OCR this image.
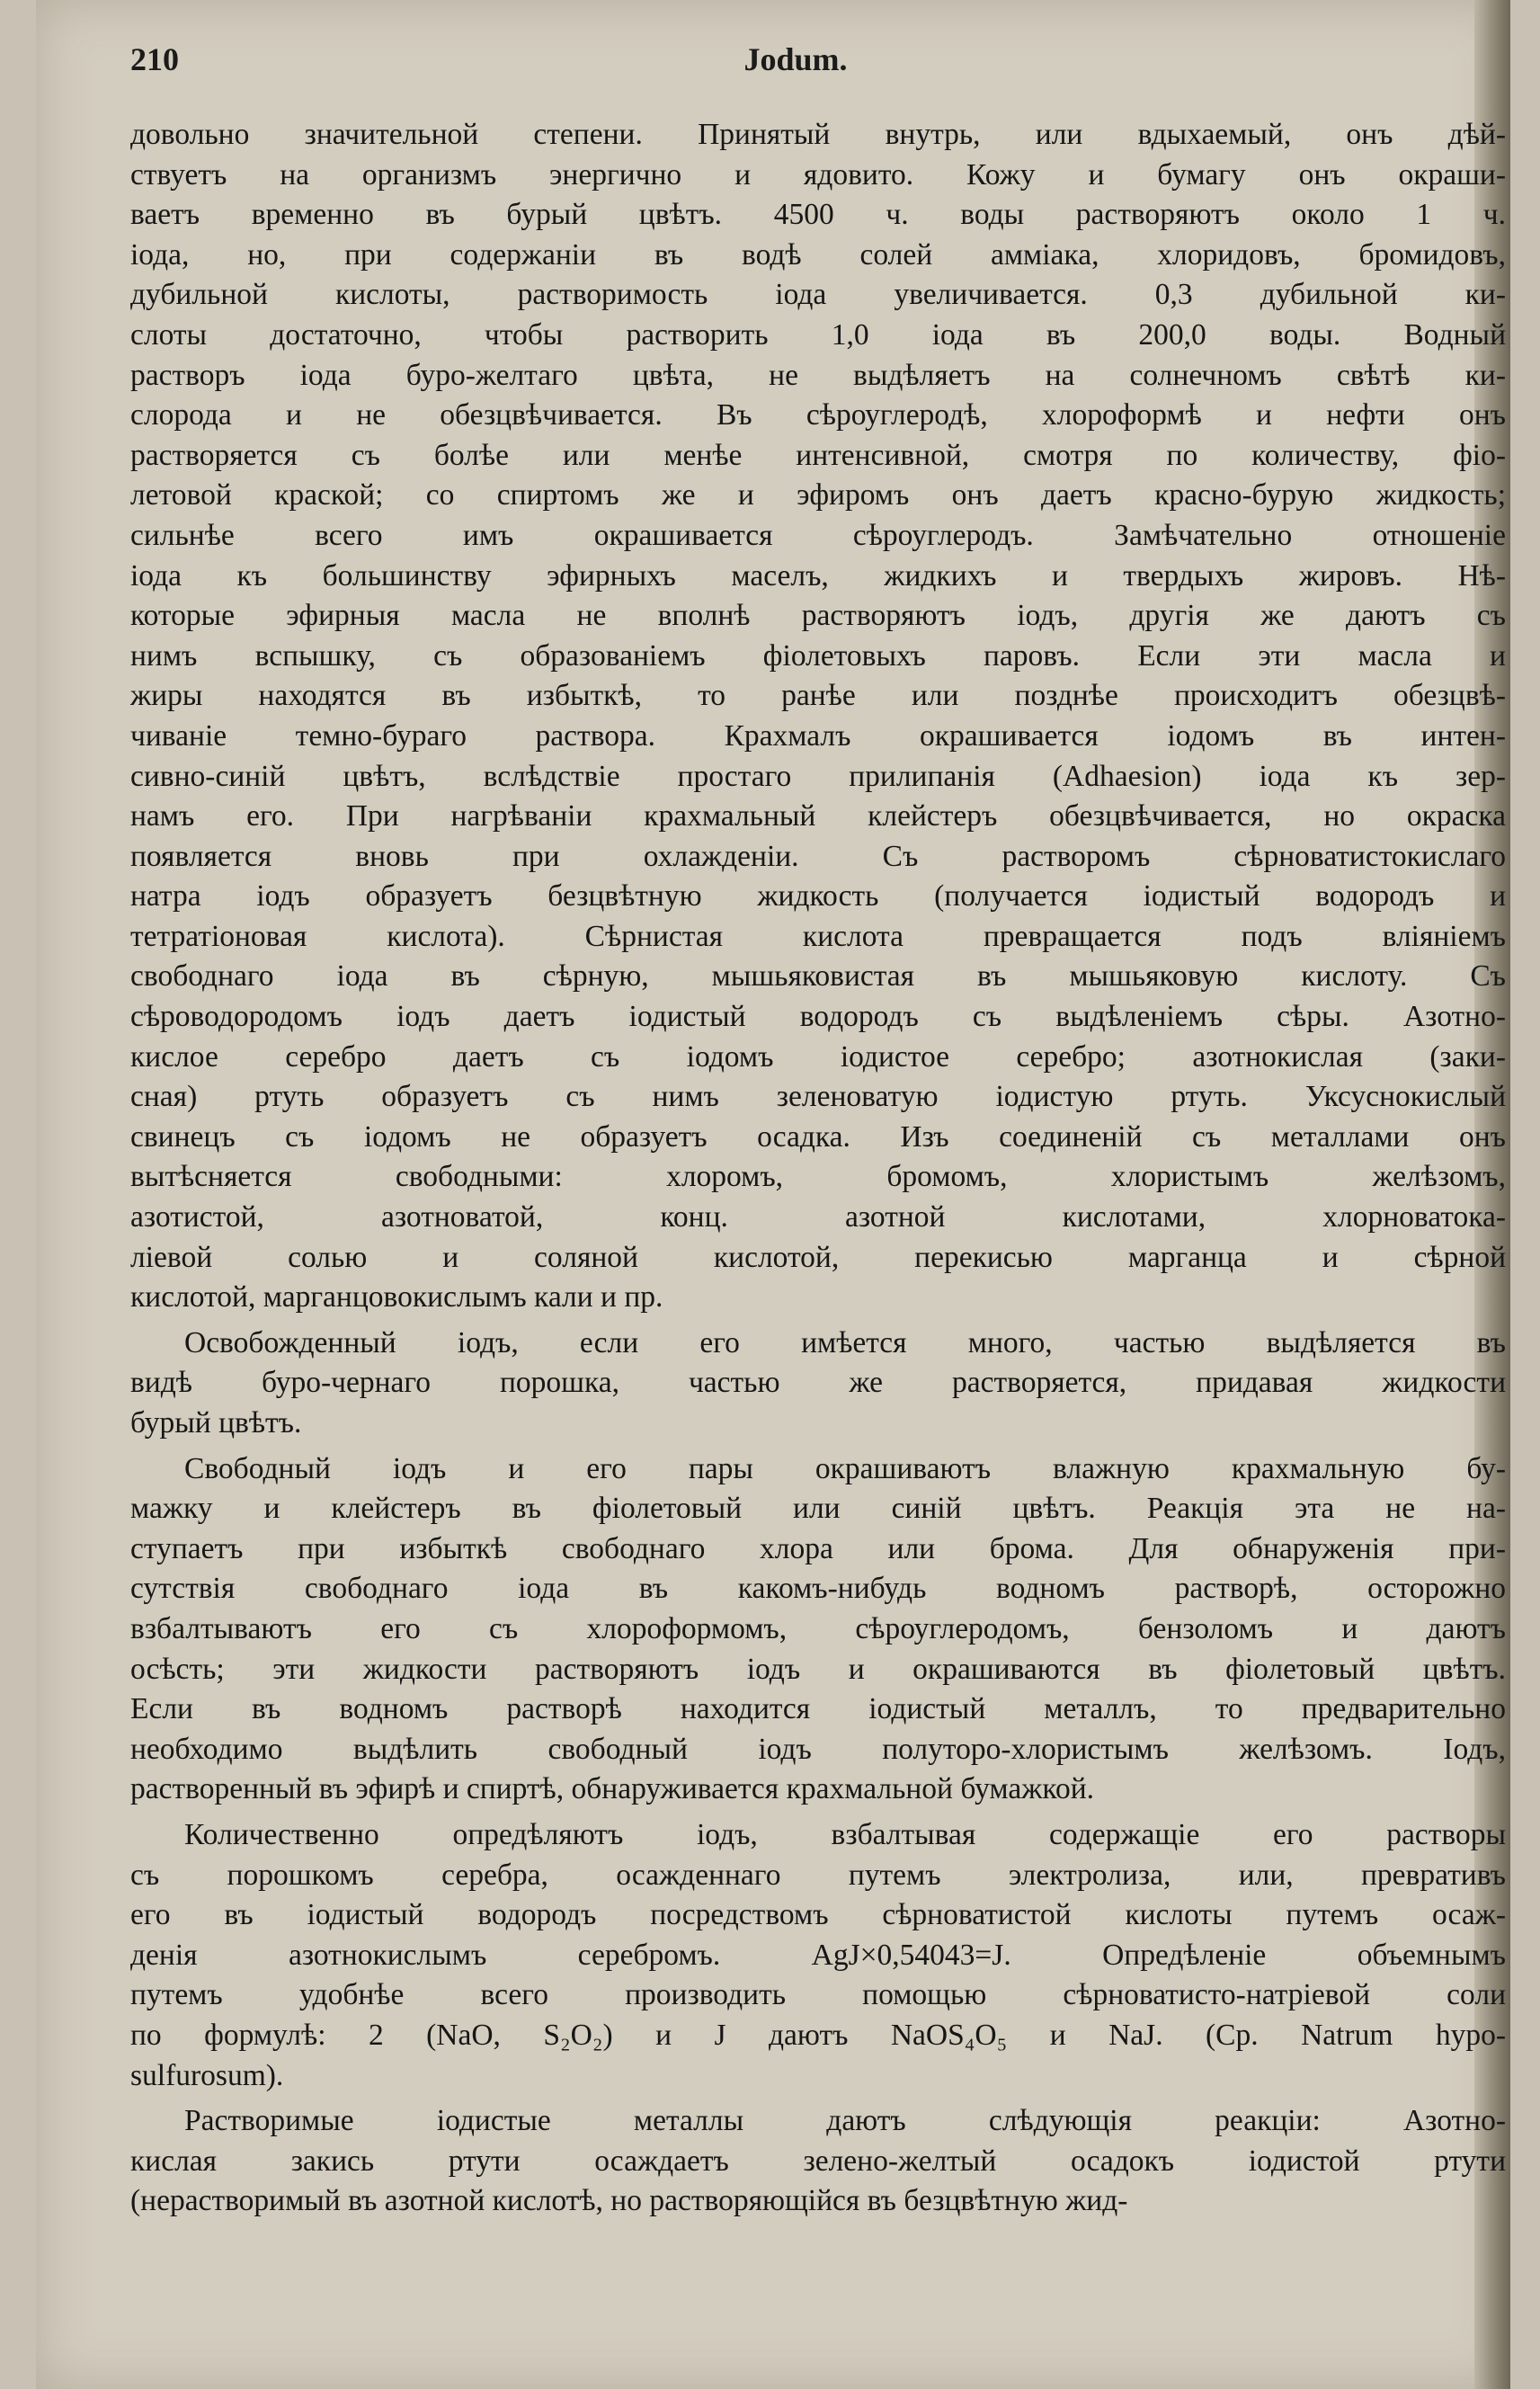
210	Jodum.
довольно значительной степени. Принятый внутрь, или вдыхаемый, онъ дѣй-
ствуетъ на организмъ энергично и ядовито. Кожу и бумагу онъ окраши-
ваетъ временно въ бурый цвѣтъ. 4500 ч. воды растворяютъ около 1 ч.
іода, но, при содержаніи въ водѣ солей аммiака, хлоридовъ, бромидовъ,
дубильной кислоты, растворимость іода увеличивается. 0,3 дубильной ки-
слоты достаточно, чтобы растворить 1,0 іода въ 200,0 воды. Водный
растворъ іода буро-желтаго цвѣта, не выдѣляетъ на солнечномъ свѣтѣ ки-
слорода и не обезцвѣчивается. Въ сѣроуглеродѣ, хлороформѣ и нефти онъ
растворяется съ болѣе или менѣе интенсивной, смотря по количеству, фіо-
летовой краской; со спиртомъ же и эфиромъ онъ даетъ красно-бурую жидкость;
сильнѣе всего имъ окрашивается сѣроуглеродъ. Замѣчательно отношеніе
іода къ большинству эфирныхъ маселъ, жидкихъ и твердыхъ жировъ. Нѣ-
которые эфирныя масла не вполнѣ растворяютъ іодъ, другія же даютъ съ
нимъ вспышку, съ образованіемъ фіолетовыхъ паровъ. Если эти масла и
жиры находятся въ избыткѣ, то ранѣе или позднѣе происходитъ обезцвѣ-
чиваніе темно-бураго раствора. Крахмалъ окрашивается іодомъ въ интен-
сивно-синій цвѣтъ, вслѣдствіе простаго прилипанія (Adhaesion) іода къ зер-
намъ его. При нагрѣваніи крахмальный клейстеръ обезцвѣчивается, но окраска
появляется вновь при охлажденіи. Съ растворомъ сѣрноватистокислаго
натра іодъ образуетъ безцвѣтную жидкость (получается іодистый водородъ и
тетратіоновая кислота). Сѣрнистая кислота превращается подъ вліяніемъ
свободнаго іода въ сѣрную, мышьяковистая въ мышьяковую кислоту. Съ
сѣроводородомъ іодъ даетъ іодистый водородъ съ выдѣленіемъ сѣры. Азотно-
кислое серебро даетъ съ іодомъ іодистое серебро; азотнокислая (заки-
сная) ртуть образуетъ съ нимъ зеленоватую іодистую ртуть. Уксуснокислый
свинецъ съ іодомъ не образуетъ осадка. Изъ соединеній съ металлами онъ
вытѣсняется свободными: хлоромъ, бромомъ, хлористымъ желѣзомъ,
азотистой, азотноватой, конц. азотной кислотами, хлорноватока-
ліевой солью и соляной кислотой, перекисью марганца и сѣрной
кислотой, марганцовокислымъ кали и пр.
Освобожденный іодъ, если его имѣется много, частью выдѣляется въ
видѣ буро-чернаго порошка, частью же растворяется, придавая жидкости
бурый цвѣтъ.
Свободный іодъ и его пары окрашиваютъ влажную крахмальную бу-
мажку и клейстеръ въ фіолетовый или синій цвѣтъ. Реакція эта не на-
ступаетъ при избыткѣ свободнаго хлора или брома. Для обнаруженія при-
сутствія свободнаго іода въ какомъ-нибудь водномъ растворѣ, осторожно
взбалтываютъ его съ хлороформомъ, сѣроуглеродомъ, бензоломъ и даютъ
осѣсть; эти жидкости растворяютъ іодъ и окрашиваются въ фіолетовый цвѣтъ.
Если въ водномъ растворѣ находится іодистый металлъ, то предварительно
необходимо выдѣлить свободный іодъ полуторо-хлористымъ желѣзомъ. Іодъ,
растворенный въ эфирѣ и спиртѣ, обнаруживается крахмальной бумажкой.
Количественно опредѣляютъ іодъ, взбалтывая содержащіе его растворы
съ порошкомъ серебра, осажденнаго путемъ электролиза, или, превративъ
его въ іодистый водородъ посредствомъ сѣрноватистой кислоты путемъ осаж-
денія азотнокислымъ серебромъ. AgJ×0,54043=J. Опредѣленіе объемнымъ
путемъ удобнѣе всего производить помощью сѣрноватисто-натріевой соли
по формулѣ: 2 (NaO, S₂O₂) и J даютъ NaOS₄O₅ и NaJ. (Ср. Natrum hypo-
sulfurosum).
Растворимые іодистые металлы даютъ слѣдующія реакціи: Азотно-
кислая закись ртути осаждаетъ зелено-желтый осадокъ іодистой ртути
(нерастворимый въ азотной кислотѣ, но растворяющійся въ безцвѣтную жид-
